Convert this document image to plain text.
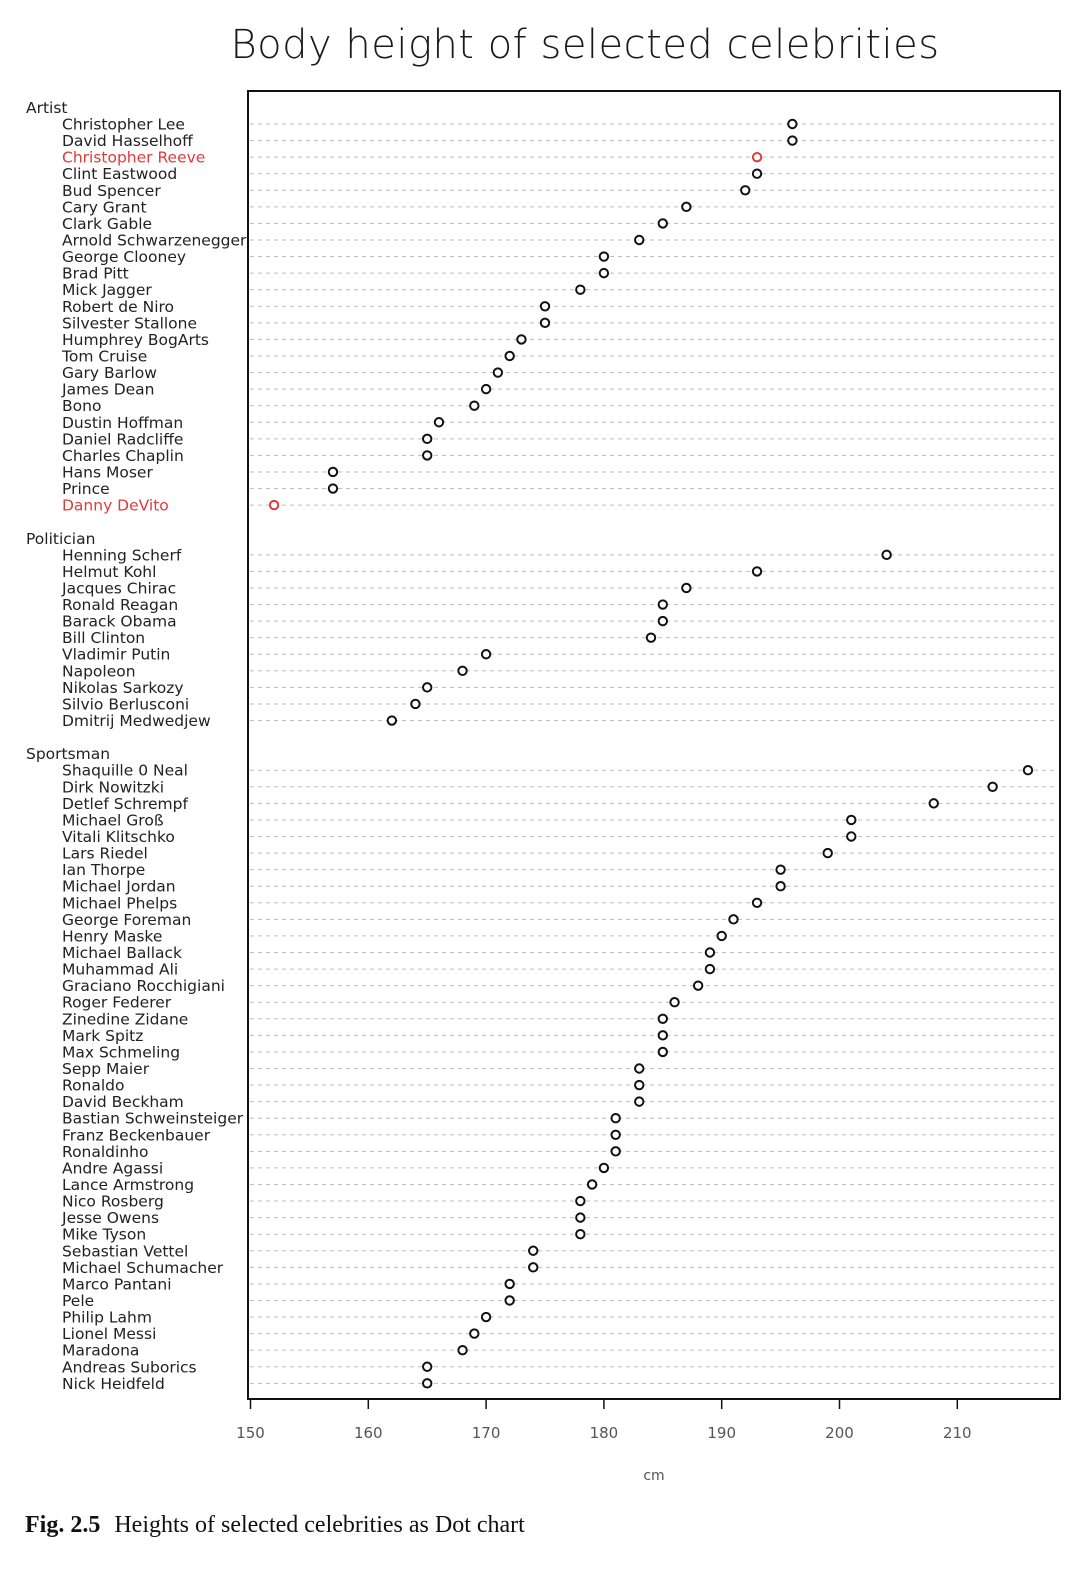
Body height of selected celebrities
Artist
Christopher Lee
David Hasselhoff
Christopher Reeve
Clint Eastwood
Bud Spencer
Cary Grant
Clark Gable
Arnold Schwarzenegger
George Clooney
Brad Pitt
Mick Jagger
Robert de Niro
Silvester Stallone
Humphrey BogArts
Tom Cruise
Gary Barlow
James Dean
Bono
Dustin Hoffman
Daniel Radcliffe
Charles Chaplin
Hans Moser
Prince
Danny DeVito
Politician
Henning Scherf
Helmut Kohl
Jacques Chirac
Ronald Reagan
Barack Obama
Bill Clinton
Vladimir Putin
Napoleon
Nikolas Sarkozy
Silvio Berlusconi
Dmitrij Medwedjew
Sportsman
Shaquille 0 Neal
Dirk Nowitzki
Detlef Schrempf
Michael Groß
Vitali Klitschko
Lars Riedel
Ian Thorpe
Michael Jordan
Michael Phelps
George Foreman
Henry Maske
Michael Ballack
Muhammad Ali
Graciano Rocchigiani
Roger Federer
Zinedine Zidane
Mark Spitz
Max Schmeling
Sepp Maier
Ronaldo
David Beckham
Bastian Schweinsteiger
Franz Beckenbauer
Ronaldinho
Andre Agassi
Lance Armstrong
Nico Rosberg
Jesse Owens
Mike Tyson
Sebastian Vettel
Michael Schumacher
Marco Pantani
Pele
Philip Lahm
Lionel Messi
Maradona
Andreas Suborics
Nick Heidfeld
150	160	170	180	190	200	210
cm
Fig. 2.5 Heights of selected celebrities as Dot chart
